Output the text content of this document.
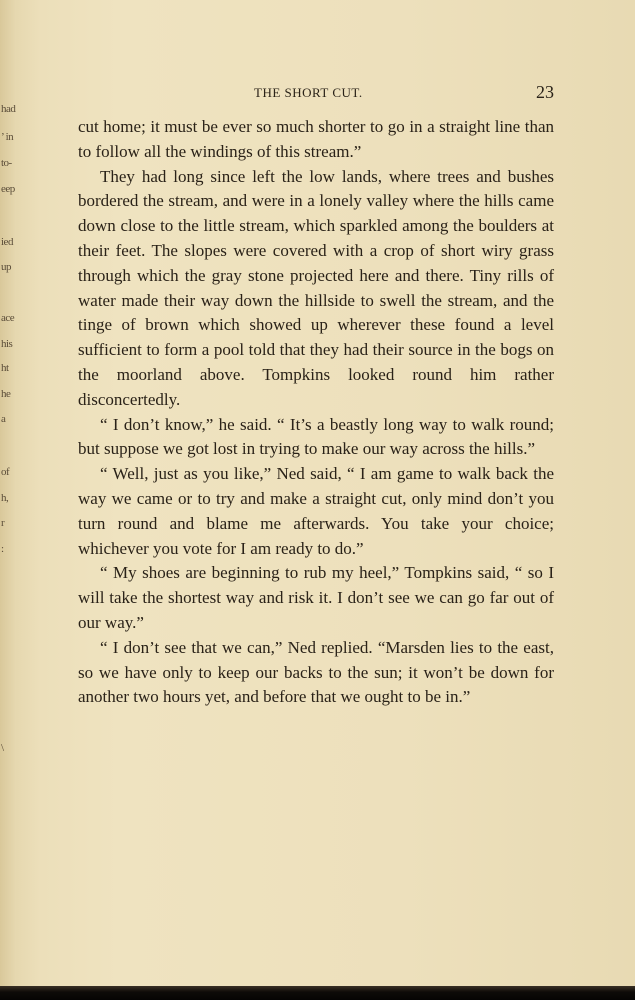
had
’ in
to-
eep
ied
up
ace
his
ht
he
a
of
h,
r
:
\
THE SHORT CUT.	23

cut home; it must be ever so much shorter to go in a straight line than to follow all the windings of this stream.”

They had long since left the low lands, where trees and bushes bordered the stream, and were in a lonely valley where the hills came down close to the little stream, which sparkled among the boulders at their feet. The slopes were covered with a crop of short wiry grass through which the gray stone projected here and there. Tiny rills of water made their way down the hillside to swell the stream, and the tinge of brown which showed up wherever these found a level sufficient to form a pool told that they had their source in the bogs on the moorland above. Tompkins looked round him rather disconcertedly.

“ I don’t know,” he said. “ It’s a beastly long way to walk round; but suppose we got lost in trying to make our way across the hills.”

“ Well, just as you like,” Ned said, “ I am game to walk back the way we came or to try and make a straight cut, only mind don’t you turn round and blame me afterwards. You take your choice; whichever you vote for I am ready to do.”

“ My shoes are beginning to rub my heel,” Tompkins said, “ so I will take the shortest way and risk it. I don’t see we can go far out of our way.”

“ I don’t see that we can,” Ned replied. “Marsden lies to the east, so we have only to keep our backs to the sun; it won’t be down for another two hours yet, and before that we ought to be in.”
